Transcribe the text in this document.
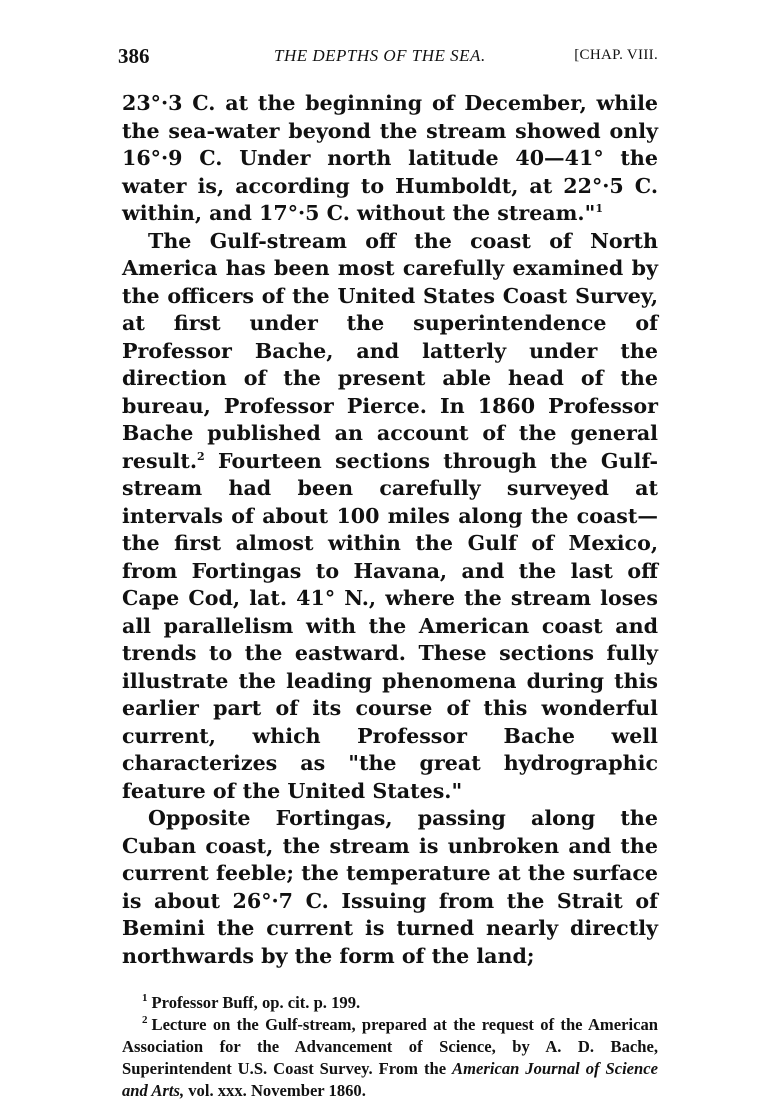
386	THE DEPTHS OF THE SEA.	[CHAP. VIII.

23°·3 C. at the beginning of December, while the sea-water beyond the stream showed only 16°·9 C. Under north latitude 40—41° the water is, according to Humboldt, at 22°·5 C. within, and 17°·5 C. without the stream."$^1$

The Gulf-stream off the coast of North America has been most carefully examined by the officers of the United States Coast Survey, at first under the superintendence of Professor Bache, and latterly under the direction of the present able head of the bureau, Professor Pierce. In 1860 Professor Bache published an account of the general result.$^2$ Fourteen sections through the Gulf-stream had been carefully surveyed at intervals of about 100 miles along the coast—the first almost within the Gulf of Mexico, from Fortingas to Havana, and the last off Cape Cod, lat. 41° N., where the stream loses all parallelism with the American coast and trends to the eastward. These sections fully illustrate the leading phenomena during this earlier part of its course of this wonderful current, which Professor Bache well characterizes as "the great hydrographic feature of the United States."

Opposite Fortingas, passing along the Cuban coast, the stream is unbroken and the current feeble; the temperature at the surface is about 26°·7 C. Issuing from the Strait of Bemini the current is turned nearly directly northwards by the form of the land;

$^1$ Professor Buff, op. cit. p. 199.

$^2$ Lecture on the Gulf-stream, prepared at the request of the American Association for the Advancement of Science, by A. D. Bache, Superintendent U.S. Coast Survey. From the American Journal of Science and Arts, vol. xxx. November 1860.
